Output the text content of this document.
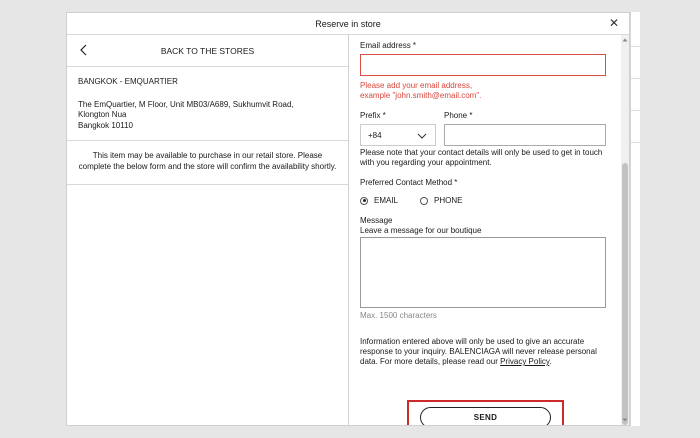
Reserve in store	✕
BACK TO THE STORES
BANGKOK - EMQUARTIER
The EmQuartier, M Floor, Unit MB03/A689, Sukhumvit Road,
Klongton Nua
Bangkok 10110
This item may be available to purchase in our retail store. Please complete the below form and the store will confirm the availability shortly.
Email address *
Please add your email address, example "john.smith@email.com".
Prefix *
+84
Phone *
Please note that your contact details will only be used to get in touch with you regarding your appointment.
Preferred Contact Method *
EMAIL	PHONE
Message
Leave a message for our boutique
Max. 1500 characters
Information entered above will only be used to give an accurate response to your inquiry. BALENCIAGA will never release personal data. For more details, please read our Privacy Policy.
SEND
